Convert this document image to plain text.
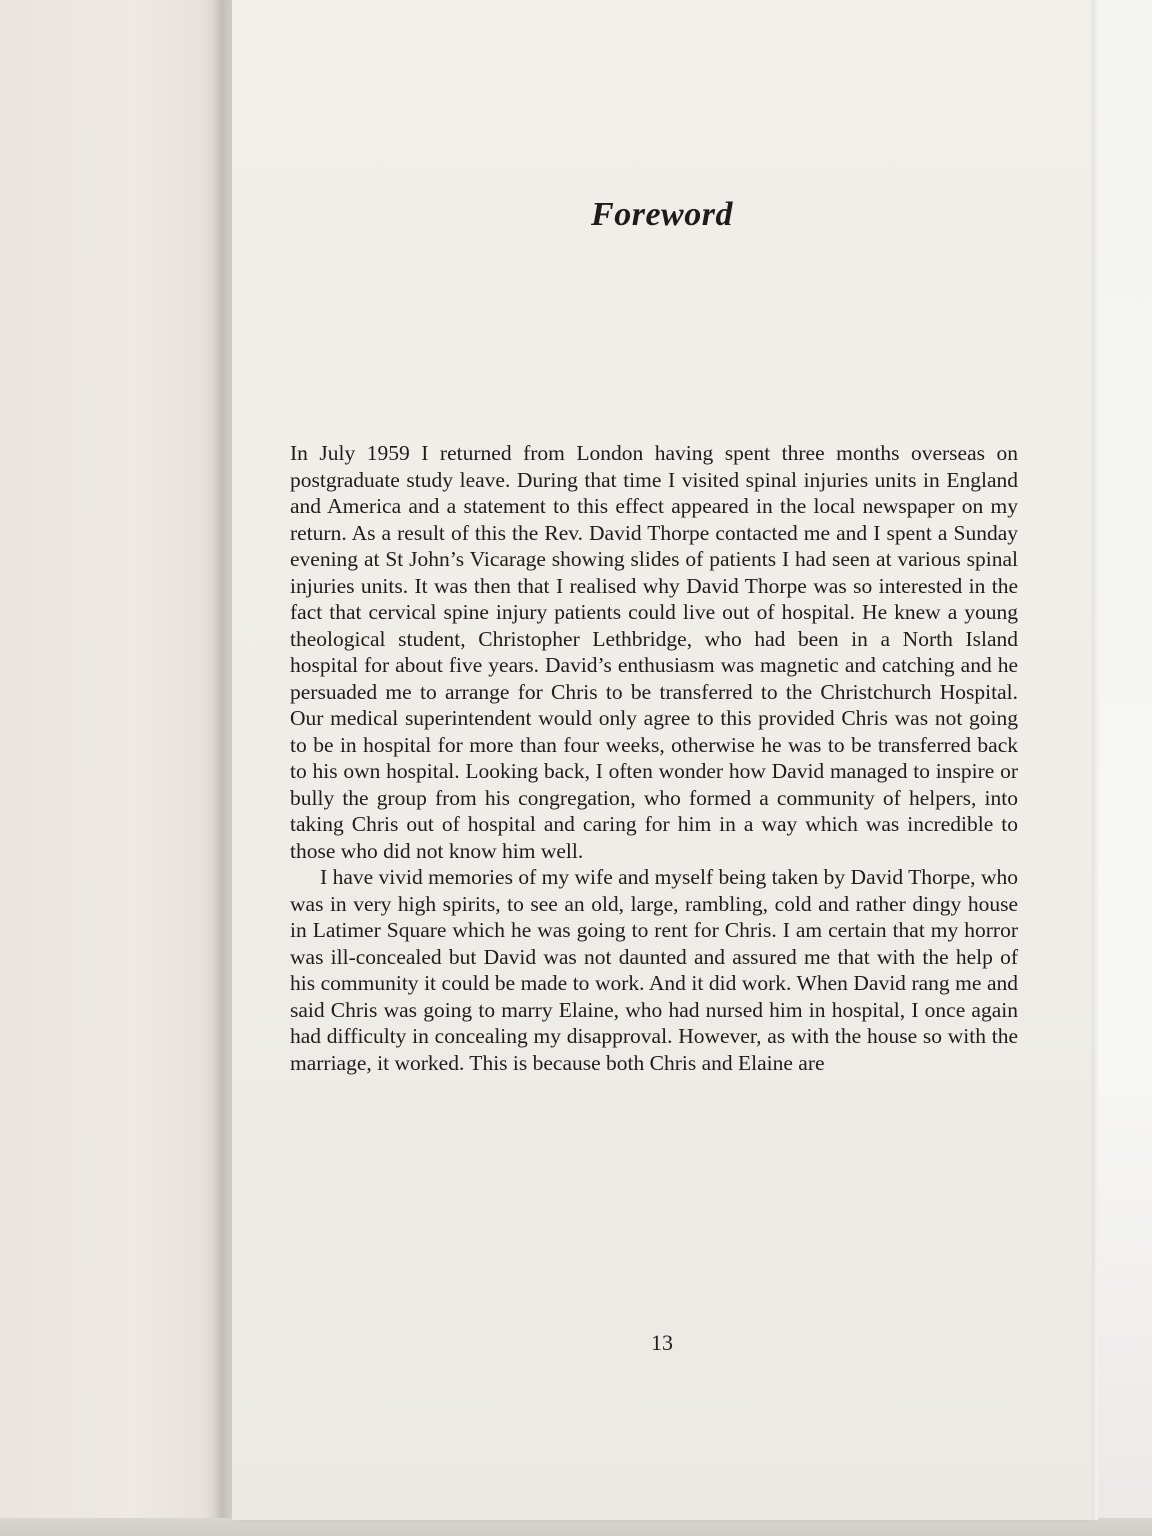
Foreword

In July 1959 I returned from London having spent three months overseas on postgraduate study leave. During that time I visited spinal injuries units in England and America and a statement to this effect appeared in the local newspaper on my return. As a result of this the Rev. David Thorpe contacted me and I spent a Sunday evening at St John’s Vicarage showing slides of patients I had seen at various spinal injuries units. It was then that I realised why David Thorpe was so interested in the fact that cervical spine injury patients could live out of hospital. He knew a young theological student, Christopher Lethbridge, who had been in a North Island hospital for about five years. David’s enthusiasm was magnetic and catching and he persuaded me to arrange for Chris to be transferred to the Christchurch Hospital. Our medical superintendent would only agree to this provided Chris was not going to be in hospital for more than four weeks, otherwise he was to be transferred back to his own hospital. Looking back, I often wonder how David managed to inspire or bully the group from his congregation, who formed a community of helpers, into taking Chris out of hospital and caring for him in a way which was incredible to those who did not know him well.

I have vivid memories of my wife and myself being taken by David Thorpe, who was in very high spirits, to see an old, large, rambling, cold and rather dingy house in Latimer Square which he was going to rent for Chris. I am certain that my horror was ill-concealed but David was not daunted and assured me that with the help of his community it could be made to work. And it did work. When David rang me and said Chris was going to marry Elaine, who had nursed him in hospital, I once again had difficulty in concealing my disapproval. However, as with the house so with the marriage, it worked. This is because both Chris and Elaine are

13
